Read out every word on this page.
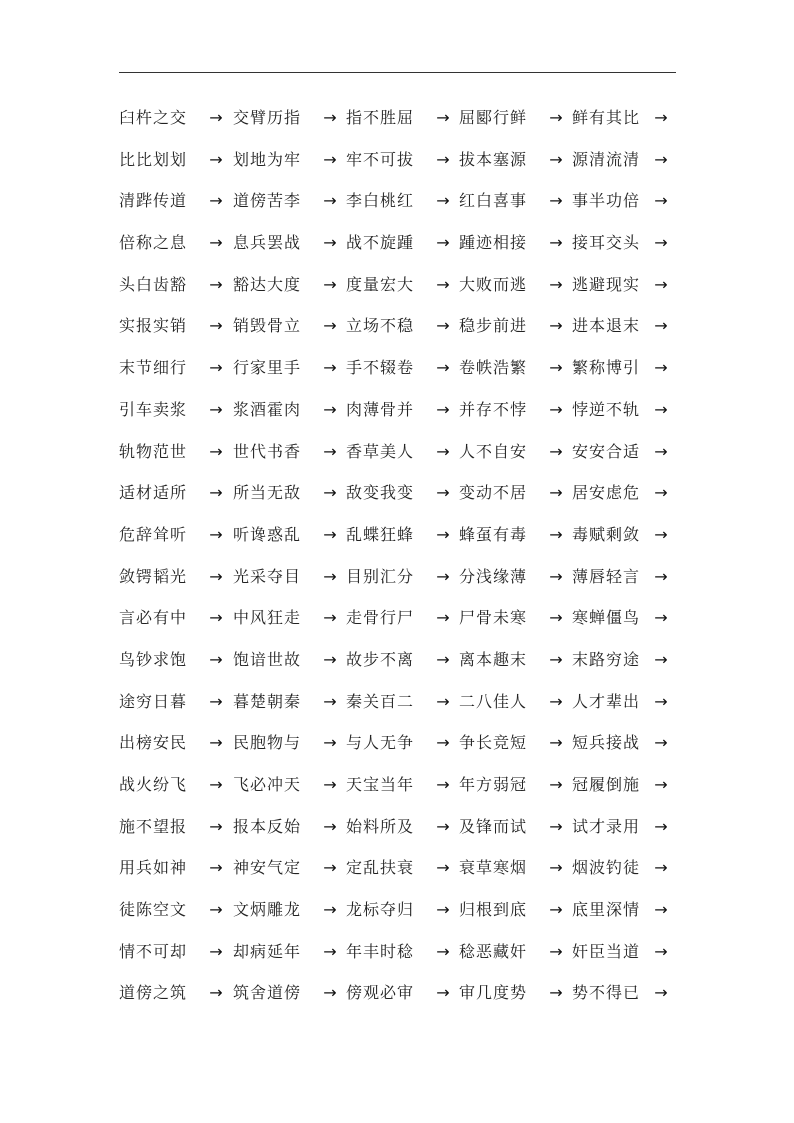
臼杵之交	→ 交臂历指	→ 指不胜屈	→ 屈郾行鲜	→ 鲜有其比 →
比比划划	→ 划地为牢	→ 牢不可拔	→ 拔本塞源	→ 源清流清 →
清跸传道	→ 道傍苦李	→ 李白桃红	→ 红白喜事	→ 事半功倍 →
倍称之息	→ 息兵罢战	→ 战不旋踵	→ 踵迹相接	→ 接耳交头 →
头白齿豁	→ 豁达大度	→ 度量宏大	→ 大败而逃	→ 逃避现实 →
实报实销	→ 销毁骨立	→ 立场不稳	→ 稳步前进	→ 进本退末 →
末节细行	→ 行家里手	→ 手不辍卷	→ 卷帙浩繁	→ 繁称博引 →
引车卖浆	→ 浆酒霍肉	→ 肉薄骨并	→ 并存不悖	→ 悖逆不轨 →
轨物范世	→ 世代书香	→ 香草美人	→ 人不自安	→ 安安合适 →
适材适所	→ 所当无敌	→ 敌变我变	→ 变动不居	→ 居安虑危 →
危辞耸听	→ 听谗惑乱	→ 乱蝶狂蜂	→ 蜂虿有毒	→ 毒赋剩敛 →
敛锷韬光	→ 光采夺目	→ 目别汇分	→ 分浅缘薄	→ 薄唇轻言 →
言必有中	→ 中风狂走	→ 走骨行尸	→ 尸骨未寒	→ 寒蝉僵鸟 →
鸟钞求饱	→ 饱谙世故	→ 故步不离	→ 离本趣末	→ 末路穷途 →
途穷日暮	→ 暮楚朝秦	→ 秦关百二	→ 二八佳人	→ 人才辈出 →
出榜安民	→ 民胞物与	→ 与人无争	→ 争长竞短	→ 短兵接战 →
战火纷飞	→ 飞必冲天	→ 天宝当年	→ 年方弱冠	→ 冠履倒施 →
施不望报	→ 报本反始	→ 始料所及	→ 及锋而试	→ 试才录用 →
用兵如神	→ 神安气定	→ 定乱扶衰	→ 衰草寒烟	→ 烟波钓徒 →
徒陈空文	→ 文炳雕龙	→ 龙标夺归	→ 归根到底	→ 底里深情 →
情不可却	→ 却病延年	→ 年丰时稔	→ 稔恶藏奸	→ 奸臣当道 →
道傍之筑	→ 筑舍道傍	→ 傍观必审	→ 审几度势	→ 势不得已 →
